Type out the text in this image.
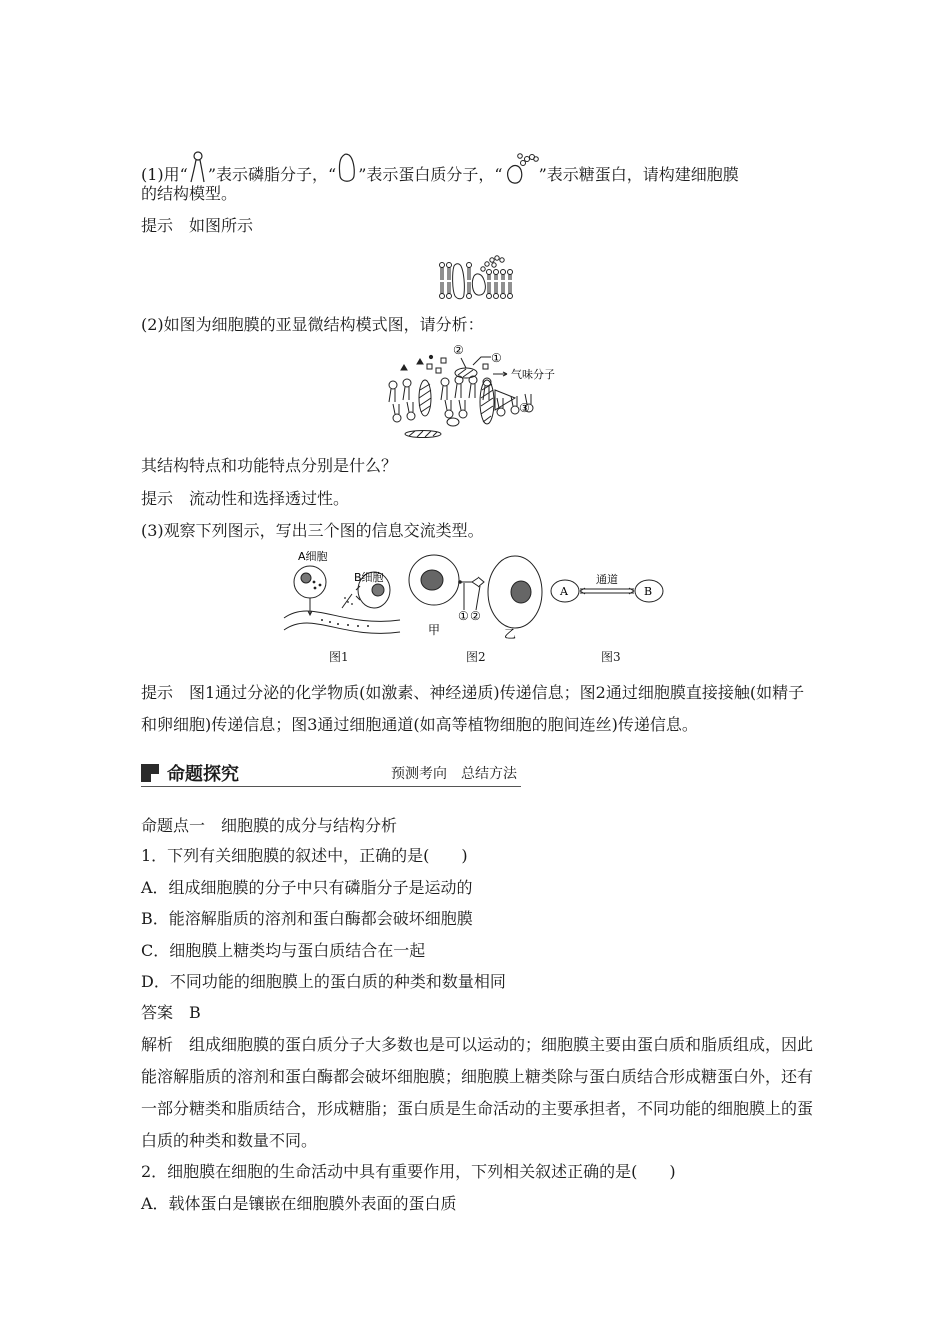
(1)用“ ”表示磷脂分子，“ ”表示蛋白质分子，“ ”表示糖蛋白，请构建细胞膜
的结构模型。
提示　如图所示
(2)如图为细胞膜的亚显微结构模式图，请分析：
②
①
气味分子
③
其结构特点和功能特点分别是什么？
提示　流动性和选择透过性。
(3)观察下列图示，写出三个图的信息交流类型。
A细胞
B细胞
图1
① ②
甲	乙
图2
A	B
通道
图3
提示　图1通过分泌的化学物质(如激素、神经递质)传递信息；图2通过细胞膜直接接触(如精子和卵细胞)传递信息；图3通过细胞通道(如高等植物细胞的胞间连丝)传递信息。
命题探究	预测考向　总结方法
命题点一　细胞膜的成分与结构分析
1．下列有关细胞膜的叙述中，正确的是(　　)
A．组成细胞膜的分子中只有磷脂分子是运动的
B．能溶解脂质的溶剂和蛋白酶都会破坏细胞膜
C．细胞膜上糖类均与蛋白质结合在一起
D．不同功能的细胞膜上的蛋白质的种类和数量相同
答案　B
解析　组成细胞膜的蛋白质分子大多数也是可以运动的；细胞膜主要由蛋白质和脂质组成，因此能溶解脂质的溶剂和蛋白酶都会破坏细胞膜；细胞膜上糖类除与蛋白质结合形成糖蛋白外，还有一部分糖类和脂质结合，形成糖脂；蛋白质是生命活动的主要承担者，不同功能的细胞膜上的蛋白质的种类和数量不同。
2．细胞膜在细胞的生命活动中具有重要作用，下列相关叙述正确的是(　　)
A．载体蛋白是镶嵌在细胞膜外表面的蛋白质
